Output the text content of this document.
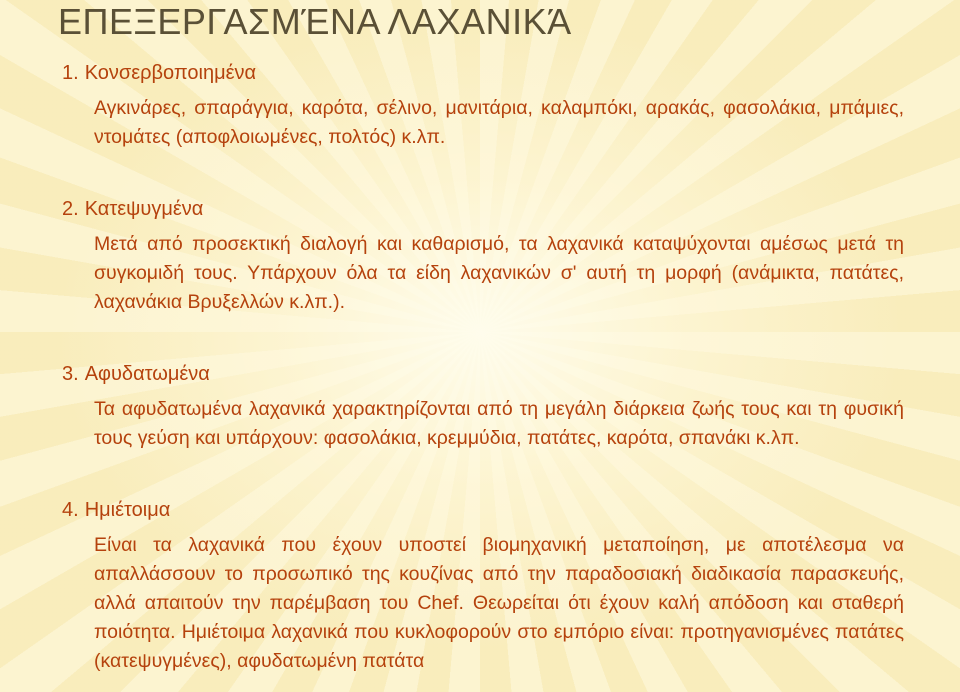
ΕΠΕΞΕΡΓΑΣΜΈΝΑ ΛΑΧΑΝΙΚΆ

1. Κονσερβοποιημένα

Αγκινάρες, σπαράγγια, καρότα, σέλινο, μανιτάρια, καλαμπόκι, αρακάς, φασολάκια, μπάμιες, ντομάτες (αποφλοιωμένες, πολτός) κ.λπ.

2. Κατεψυγμένα

Μετά από προσεκτική διαλογή και καθαρισμό, τα λαχανικά καταψύχονται αμέσως μετά τη συγκομιδή τους. Υπάρχουν όλα τα είδη λαχανικών σ' αυτή τη μορφή (ανάμικτα, πατάτες, λαχανάκια Βρυξελλών κ.λπ.).

3. Αφυδατωμένα

Τα αφυδατωμένα λαχανικά χαρακτηρίζονται από τη μεγάλη διάρκεια ζωής τους και τη φυσική τους γεύση και υπάρχουν: φασολάκια, κρεμμύδια, πατάτες, καρότα, σπανάκι κ.λπ.

4. Ημιέτοιμα

Είναι τα λαχανικά που έχουν υποστεί βιομηχανική μεταποίηση, με αποτέλεσμα να απαλλάσσουν το προσωπικό της κουζίνας από την παραδοσιακή διαδικασία παρασκευής, αλλά απαιτούν την παρέμβαση του Chef. Θεωρείται ότι έχουν καλή απόδοση και σταθερή ποιότητα. Ημιέτοιμα λαχανικά που κυκλοφορούν στο εμπόριο είναι: προτηγανισμένες πατάτες (κατεψυγμένες), αφυδατωμένη πατάτα
